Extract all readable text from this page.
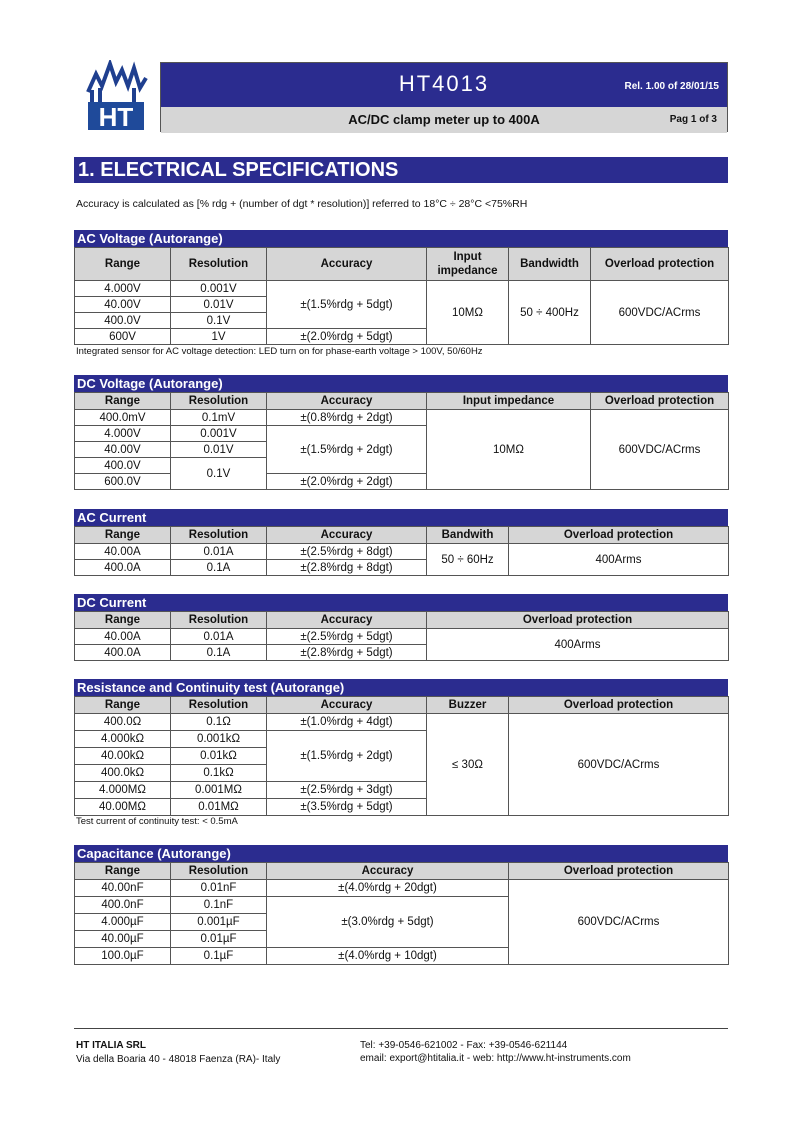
HT
HT4013	Rel. 1.00 of 28/01/15
AC/DC clamp meter up to 400A	Pag 1 of 3
1. ELECTRICAL SPECIFICATIONS
Accuracy is calculated as [% rdg + (number of dgt * resolution)] referred to 18°C ÷ 28°C <75%RH
AC Voltage (Autorange)
Range	Resolution	Accuracy	Input impedance	Bandwidth	Overload protection
4.000V	0.001V	±(1.5%rdg + 5dgt)	10MΩ	50 ÷ 400Hz	600VDC/ACrms
40.00V	0.01V				
400.0V	0.1V				
600V	1V	±(2.0%rdg + 5dgt)			
Integrated sensor for AC voltage detection: LED turn on for phase-earth voltage > 100V, 50/60Hz
DC Voltage (Autorange)
Range	Resolution	Accuracy	Input impedance	Overload protection
400.0mV	0.1mV	±(0.8%rdg + 2dgt)	10MΩ	600VDC/ACrms
4.000V	0.001V	±(1.5%rdg + 2dgt)		
40.00V	0.01V			
400.0V	0.1V			
600.0V		±(2.0%rdg + 2dgt)		
AC Current
Range	Resolution	Accuracy	Bandwith	Overload protection
40.00A	0.01A	±(2.5%rdg + 8dgt)	50 ÷ 60Hz	400Arms
400.0A	0.1A	±(2.8%rdg + 8dgt)		
DC Current
Range	Resolution	Accuracy	Overload protection
40.00A	0.01A	±(2.5%rdg + 5dgt)	400Arms
400.0A	0.1A	±(2.8%rdg + 5dgt)	
Resistance and Continuity test (Autorange)
Range	Resolution	Accuracy	Buzzer	Overload protection
400.0Ω	0.1Ω	±(1.0%rdg + 4dgt)	≤ 30Ω	600VDC/ACrms
4.000kΩ	0.001kΩ	±(1.5%rdg + 2dgt)		
40.00kΩ	0.01kΩ			
400.0kΩ	0.1kΩ			
4.000MΩ	0.001MΩ	±(2.5%rdg + 3dgt)		
40.00MΩ	0.01MΩ	±(3.5%rdg + 5dgt)		
Test current of continuity test: < 0.5mA
Capacitance (Autorange)
Range	Resolution	Accuracy	Overload protection
40.00nF	0.01nF	±(4.0%rdg + 20dgt)	600VDC/ACrms
400.0nF	0.1nF	±(3.0%rdg + 5dgt)	
4.000µF	0.001µF		
40.00µF	0.01µF		
100.0µF	0.1µF	±(4.0%rdg + 10dgt)	
HT ITALIA SRL
Via della Boaria 40 - 48018 Faenza (RA)- Italy
Tel: +39-0546-621002 - Fax: +39-0546-621144
email: export@htitalia.it - web: http://www.ht-instruments.com
